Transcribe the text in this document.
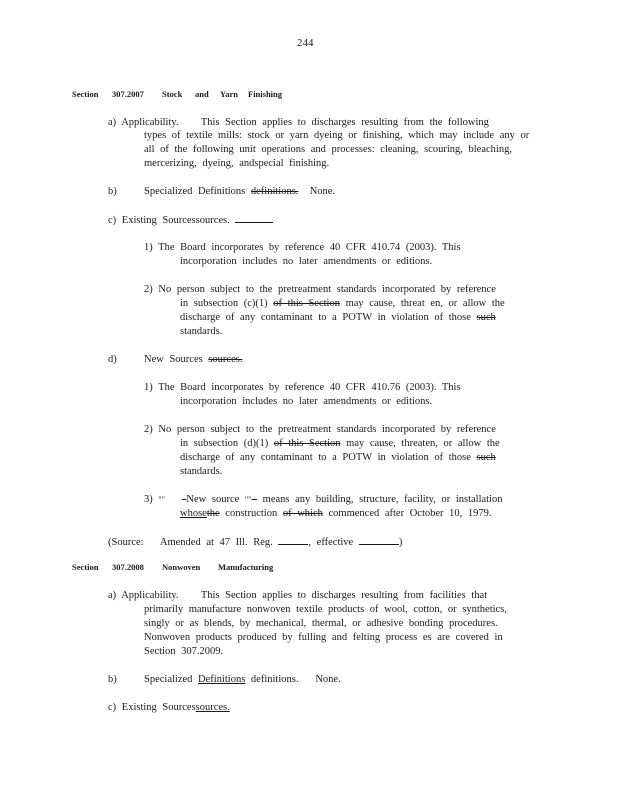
244
Section 307.2007 Stock and Yarn Finishing
a) Applicability. This Section applies to discharges resulting from the following
types of textile mills: stock or yarn dyeing or finishing, which may include any or
all of the following unit operations and processes: cleaning, scouring, bleaching,
mercerizing, dyeing, andspecial finishing.
b)	Specialized Definitions definitions. None.
c) Existing Sourcessources.
1) The Board incorporates by reference 40 CFR 410.74 (2003). This
incorporation includes no later amendments or editions.
2) No person subject to the pretreatment standards incorporated by reference
in subsection (c)(1) of this Section may cause, threat en, or allow the
discharge of any contaminant to a POTW in violation of those such
standards.
d)	New Sources sources.
1) The Board incorporates by reference 40 CFR 410.76 (2003). This
incorporation includes no later amendments or editions.
2) No person subject to the pretreatment standards incorporated by reference
in subsection (d)(1) of this Section may cause, threaten, or allow the
discharge of any contaminant to a POTW in violation of those such
standards.
3) "" New source "" means any building, structure, facility, or installation
whosethe construction of which commenced after October 10, 1979.
(Source: Amended at 47 Ill. Reg.	, effective	)
Section 307.2008 Nonwoven Manufacturing
a) Applicability. This Section applies to discharges resulting from facilities that
primarily manufacture nonwoven textile products of wool, cotton, or synthetics,
singly or as blends, by mechanical, thermal, or adhesive bonding procedures.
Nonwoven products produced by fulling and felting process es are covered in
Section 307.2009.
b)	Specialized Definitions definitions. None.
c) Existing Sourcessources.
